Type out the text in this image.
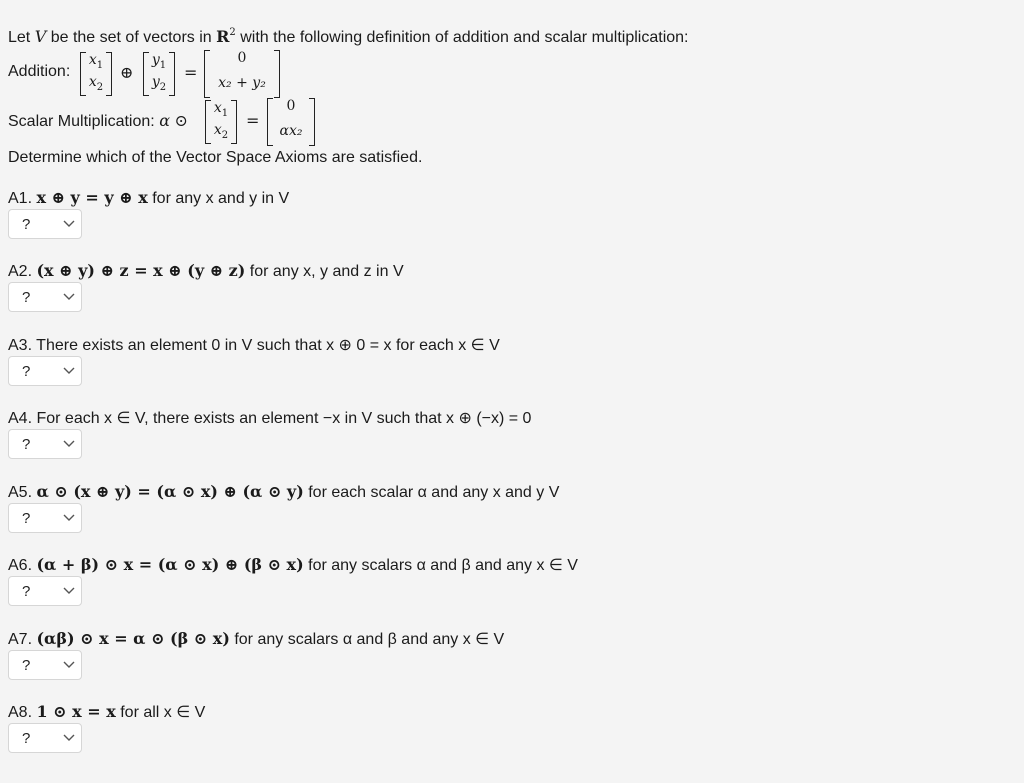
Let V be the set of vectors in $R^2$ with the following definition of addition and scalar multiplication:
Addition:
$x_1$
$x_2$
⊕
$y_1$
$y_2$
=
0
x₂ + y₂
Scalar Multiplication: α ⊙
$x_1$
$x_2$
=
0
αx₂
Determine which of the Vector Space Axioms are satisfied.
A1. x ⊕ y = y ⊕ x for any x and y in V
?
A2. (x ⊕ y) ⊕ z = x ⊕ (y ⊕ z) for any x, y and z in V
?
A3. There exists an element 0 in V such that x ⊕ 0 = x for each x ∈ V
?
A4. For each x ∈ V, there exists an element −x in V such that x ⊕ (−x) = 0
?
A5. α ⊙ (x ⊕ y) = (α ⊙ x) ⊕ (α ⊙ y) for each scalar α and any x and y V
?
A6. (α + β) ⊙ x = (α ⊙ x) ⊕ (β ⊙ x) for any scalars α and β and any x ∈ V
?
A7. (αβ) ⊙ x = α ⊙ (β ⊙ x) for any scalars α and β and any x ∈ V
?
A8. 1 ⊙ x = x for all x ∈ V
?
